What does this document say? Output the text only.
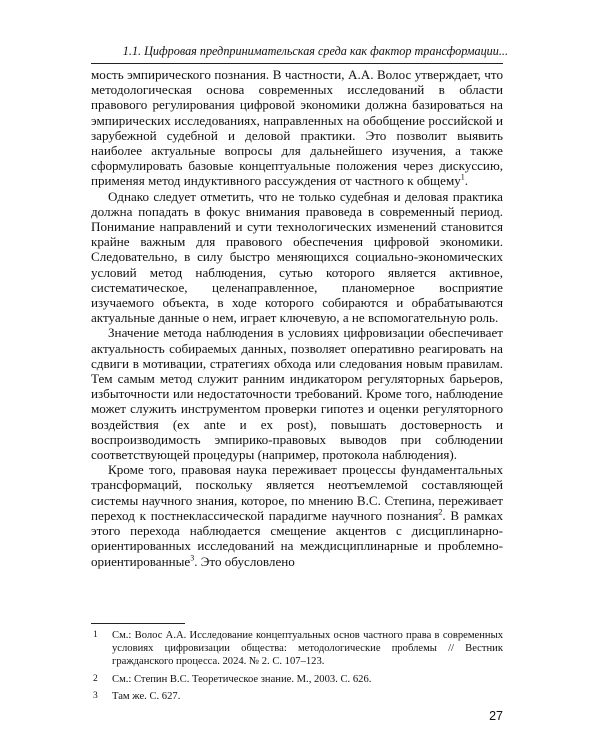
1.1. Цифровая предпринимательская среда как фактор трансформации...

мость эмпирического познания. В частности, А.А. Волос утверждает, что методологическая основа современных исследований в области правового регулирования цифровой экономики должна базироваться на эмпирических исследованиях, направленных на обобщение российской и зарубежной судебной и деловой практики. Это позволит выявить наиболее актуальные вопросы для дальнейшего изучения, а также сформулировать базовые концептуальные положения через дискуссию, применяя метод индуктивного рассуждения от частного к общему$^1$.

Однако следует отметить, что не только судебная и деловая практика должна попадать в фокус внимания правоведа в современный период. Понимание направлений и сути технологических изменений становится крайне важным для правового обеспечения цифровой экономики. Следовательно, в силу быстро меняющихся социально-экономических условий метод наблюдения, сутью которого является активное, систематическое, целенаправленное, планомерное восприятие изучаемого объекта, в ходе которого собираются и обрабатываются актуальные данные о нем, играет ключевую, а не вспомогательную роль.

Значение метода наблюдения в условиях цифровизации обеспечивает актуальность собираемых данных, позволяет оперативно реагировать на сдвиги в мотивации, стратегиях обхода или следования новым правилам. Тем самым метод служит ранним индикатором регуляторных барьеров, избыточности или недостаточности требований. Кроме того, наблюдение может служить инструментом проверки гипотез и оценки регуляторного воздействия (ex ante и ex post), повышать достоверность и воспроизводимость эмпирико-правовых выводов при соблюдении соответствующей процедуры (например, протокола наблюдения).

Кроме того, правовая наука переживает процессы фундаментальных трансформаций, поскольку является неотъемлемой составляющей системы научного знания, которое, по мнению В.С. Степина, переживает переход к постнеклассической парадигме научного познания$^2$. В рамках этого перехода наблюдается смещение акцентов с дисциплинарно-ориентированных исследований на междисциплинарные и проблемно-ориентированные$^3$. Это обусловлено

1	См.: Волос А.А. Исследование концептуальных основ частного права в современных условиях цифровизации общества: методологические проблемы // Вестник гражданского процесса. 2024. № 2. С. 107–123.
2	См.: Степин В.С. Теоретическое знание. М., 2003. С. 626.
3	Там же. С. 627.
27
